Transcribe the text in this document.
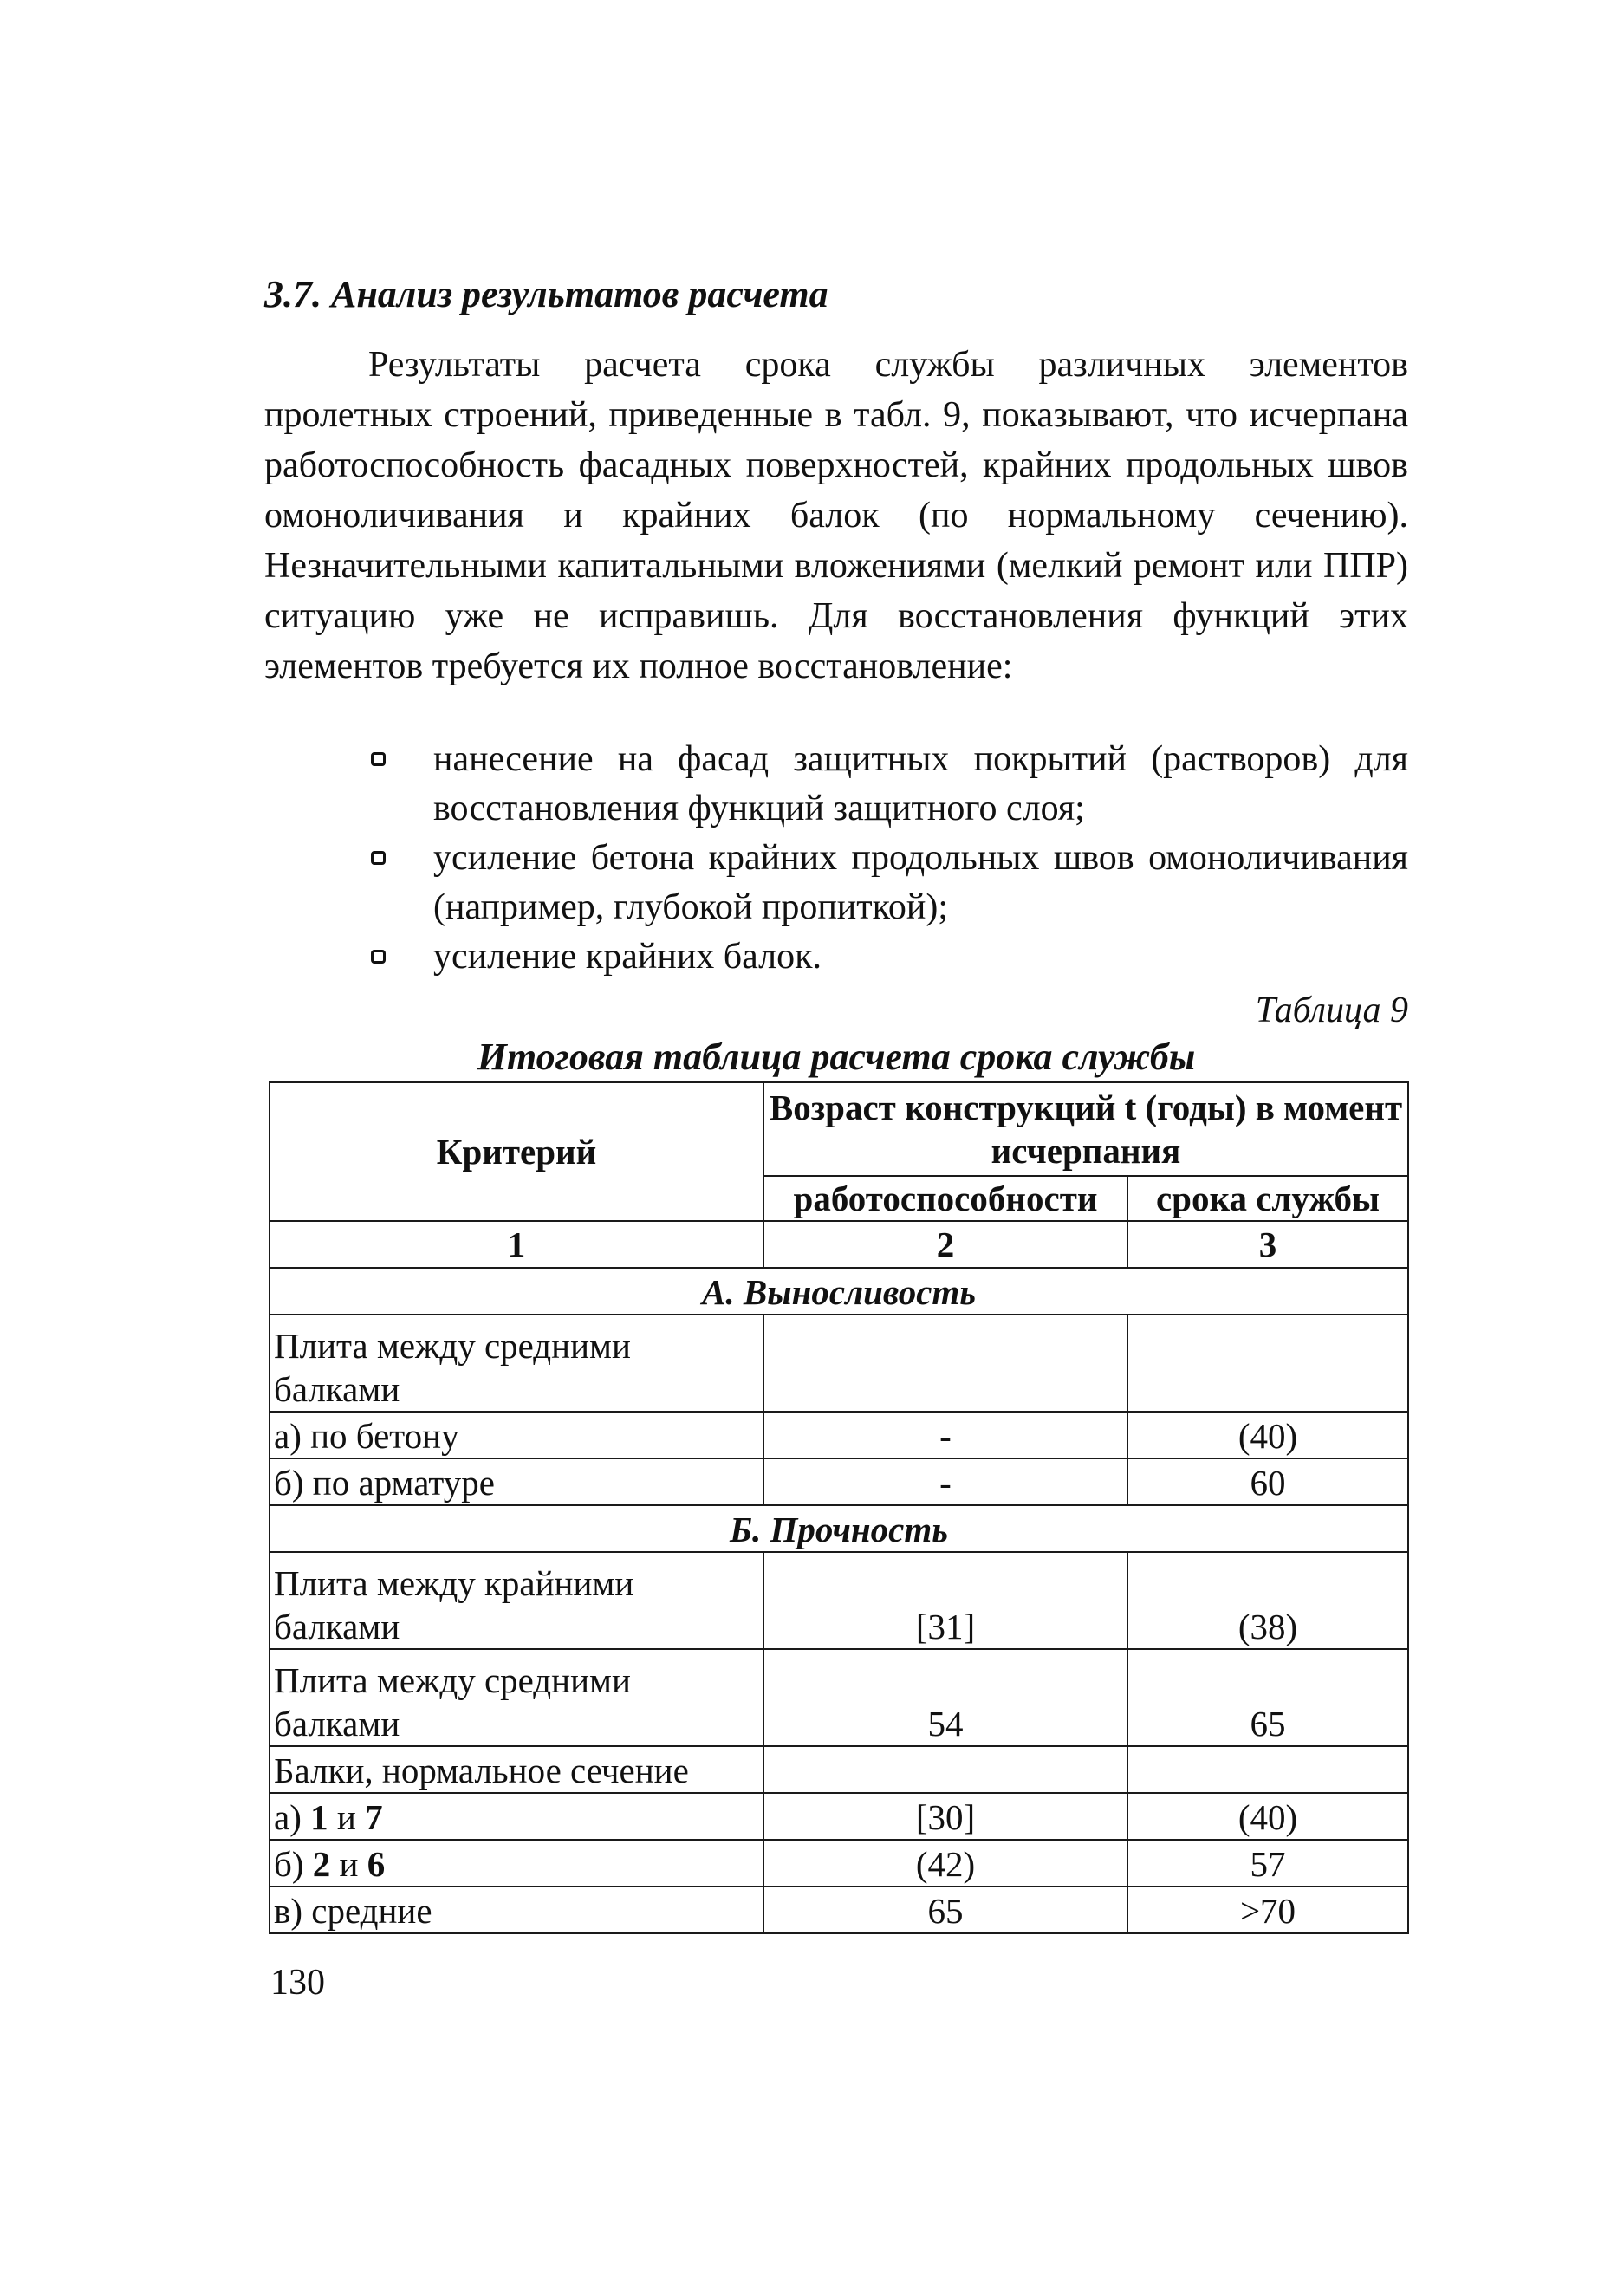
3.7. Анализ результатов расчета
Результаты расчета срока службы различных элементов пролетных строений, приведенные в табл. 9, показывают, что исчерпана работоспособность фасадных поверхностей, крайних продольных швов омоноличивания и крайних балок (по нормальному сечению). Незначительными капитальными вложениями (мелкий ремонт или ППР) ситуацию уже не исправишь. Для восстановления функций этих элементов требуется их полное восстановление:
нанесение на фасад защитных покрытий (растворов) для восстановления функций защитного слоя;
усиление бетона крайних продольных швов омоноличивания (например, глубокой пропиткой);
усиление крайних балок.
Таблица 9
Итоговая таблица расчета срока службы
Критерий	Возраст конструкций t (годы) в момент исчерпания	
	работоспособности	срока службы
1	2	3
А. Выносливость		
Плита между средними балками		
а) по бетону	-	(40)
б) по арматуре	-	60
Б. Прочность		
Плита между крайними балками	[31]	(38)
Плита между средними балками	54	65
Балки, нормальное сечение		
а) 1 и 7	[30]	(40)
б) 2 и 6	(42)	57
в) средние	65	>70
130
